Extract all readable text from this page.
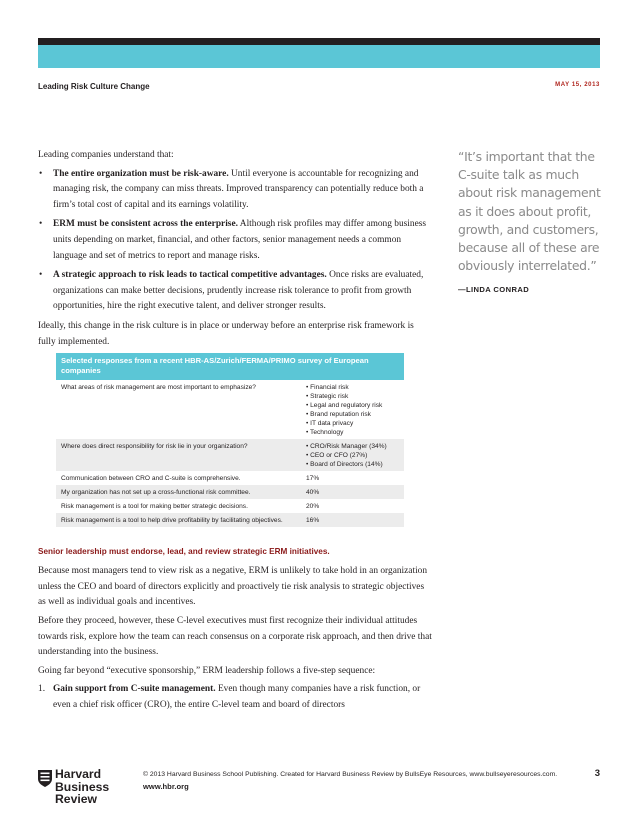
Leading Risk Culture Change	MAY 15, 2013

Leading companies understand that:

• The entire organization must be risk-aware. Until everyone is accountable for recognizing and managing risk, the company can miss threats. Improved transparency can potentially reduce both a firm’s total cost of capital and its earnings volatility.
• ERM must be consistent across the enterprise. Although risk profiles may differ among business units depending on market, financial, and other factors, senior management needs a common language and set of metrics to report and manage risks.
• A strategic approach to risk leads to tactical competitive advantages. Once risks are evaluated, organizations can make better decisions, prudently increase risk tolerance to profit from growth opportunities, hire the right executive talent, and deliver stronger results.

Ideally, this change in the risk culture is in place or underway before an enterprise risk framework is fully implemented.

Selected responses from a recent HBR-AS/Zurich/FERMA/PRIMO survey of European companies
What areas of risk management are most important to emphasize?	• Financial risk
• Strategic risk
• Legal and regulatory risk
• Brand reputation risk
• IT data privacy
• Technology
Where does direct responsibility for risk lie in your organization?	• CRO/Risk Manager (34%)
• CEO or CFO (27%)
• Board of Directors (14%)
Communication between CRO and C-suite is comprehensive.	17%
My organization has not set up a cross-functional risk committee.	40%
Risk management is a tool for making better strategic decisions.	20%
Risk management is a tool to help drive profitability by facilitating objectives.	16%
Senior leadership must endorse, lead, and review strategic ERM initiatives.

Because most managers tend to view risk as a negative, ERM is unlikely to take hold in an organization unless the CEO and board of directors explicitly and proactively tie risk analysis to strategic objectives as well as individual goals and incentives.

Before they proceed, however, these C-level executives must first recognize their individual attitudes towards risk, explore how the team can reach consensus on a corporate risk approach, and then drive that understanding into the business.

Going far beyond “executive sponsorship,” ERM leadership follows a five-step sequence:

1. Gain support from C-suite management. Even though many companies have a risk function, or even a chief risk officer (CRO), the entire C-level team and board of directors
“It’s important that the C-suite talk as much about risk management as it does about profit, growth, and customers, because all of these are obviously interrelated.”
—LINDA CONRAD
Harvard
Business
Review
© 2013 Harvard Business School Publishing. Created for Harvard Business Review by BullsEye Resources, www.bullseyeresources.com.
www.hbr.org
3
